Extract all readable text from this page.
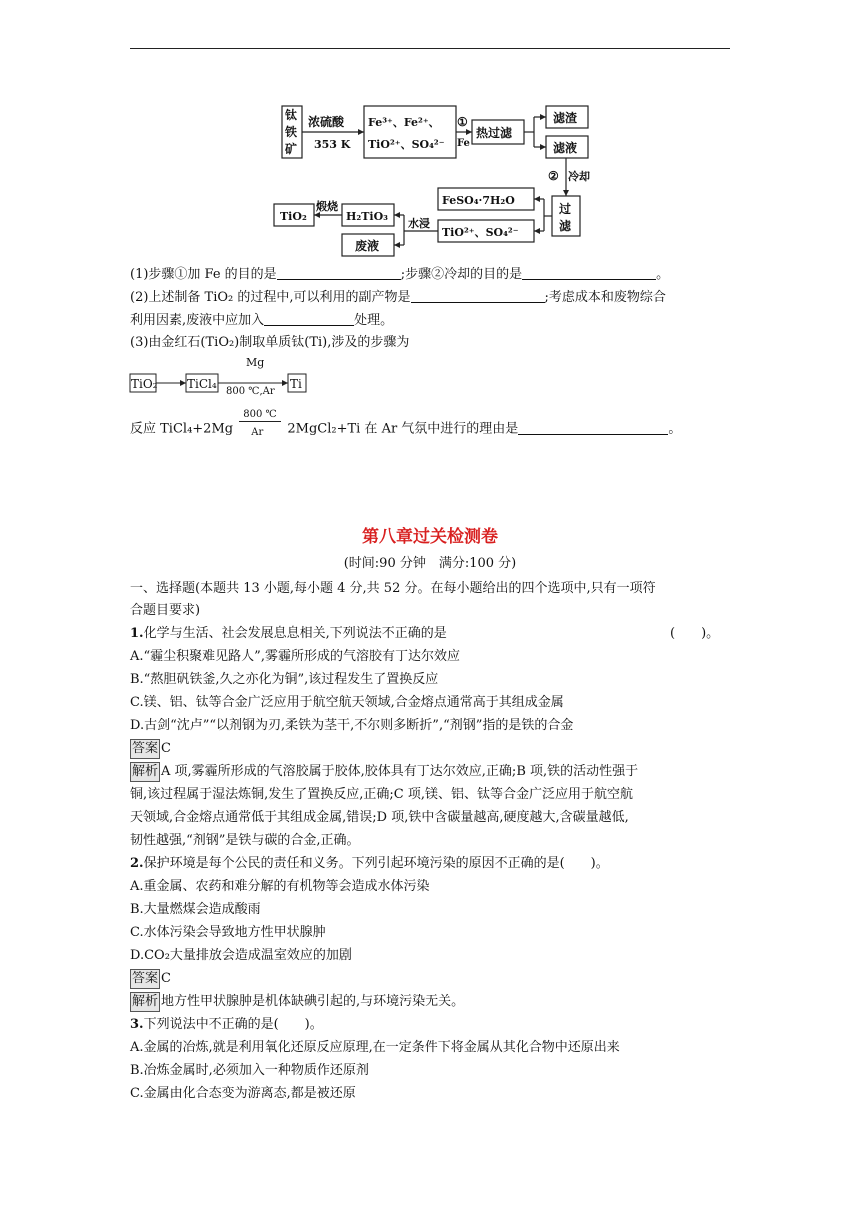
钛
铁
矿
浓硫酸
353 K
Fe³⁺、Fe²⁺、
TiO²⁺、SO₄²⁻
①
Fe
热过滤
滤渣
滤液
② 冷却
FeSO₄·7H₂O
TiO²⁺、SO₄²⁻
过
滤
水浸
H₂TiO₃
煅烧
TiO₂
废液
(1)步骤①加 Fe 的目的是	;步骤②冷却的目的是	。
(2)上述制备 TiO₂ 的过程中,可以利用的副产物是	;考虑成本和废物综合
利用因素,废液中应加入	处理。
(3)由金红石(TiO₂)制取单质钛(Ti),涉及的步骤为
TiO₂ TiCl₄
Mg
800 ℃,Ar
Ti
反应 TiCl₄+2Mg $\frac{800 ℃}{Ar}$ 2MgCl₂+Ti 在 Ar 气氛中进行的理由是	。
第八章过关检测卷
(时间:90 分钟　满分:100 分)
一、选择题(本题共 13 小题,每小题 4 分,共 52 分。在每小题给出的四个选项中,只有一项符
合题目要求)
1.化学与生活、社会发展息息相关,下列说法不正确的是	(　　)。
A.“霾尘积聚难见路人”,雾霾所形成的气溶胶有丁达尔效应
B.“熬胆矾铁釜,久之亦化为铜”,该过程发生了置换反应
C.镁、铝、钛等合金广泛应用于航空航天领域,合金熔点通常高于其组成金属
D.古剑“沈卢”“以剂钢为刃,柔铁为茎干,不尔则多断折”,“剂钢”指的是铁的合金
答案 C
解析 A 项,雾霾所形成的气溶胶属于胶体,胶体具有丁达尔效应,正确;B 项,铁的活动性强于
铜,该过程属于湿法炼铜,发生了置换反应,正确;C 项,镁、铝、钛等合金广泛应用于航空航
天领域,合金熔点通常低于其组成金属,错误;D 项,铁中含碳量越高,硬度越大,含碳量越低,
韧性越强,“剂钢”是铁与碳的合金,正确。
2.保护环境是每个公民的责任和义务。下列引起环境污染的原因不正确的是(　　)。
A.重金属、农药和难分解的有机物等会造成水体污染
B.大量燃煤会造成酸雨
C.水体污染会导致地方性甲状腺肿
D.CO₂大量排放会造成温室效应的加剧
答案 C
解析 地方性甲状腺肿是机体缺碘引起的,与环境污染无关。
3.下列说法中不正确的是(　　)。
A.金属的冶炼,就是利用氧化还原反应原理,在一定条件下将金属从其化合物中还原出来
B.冶炼金属时,必须加入一种物质作还原剂
C.金属由化合态变为游离态,都是被还原
